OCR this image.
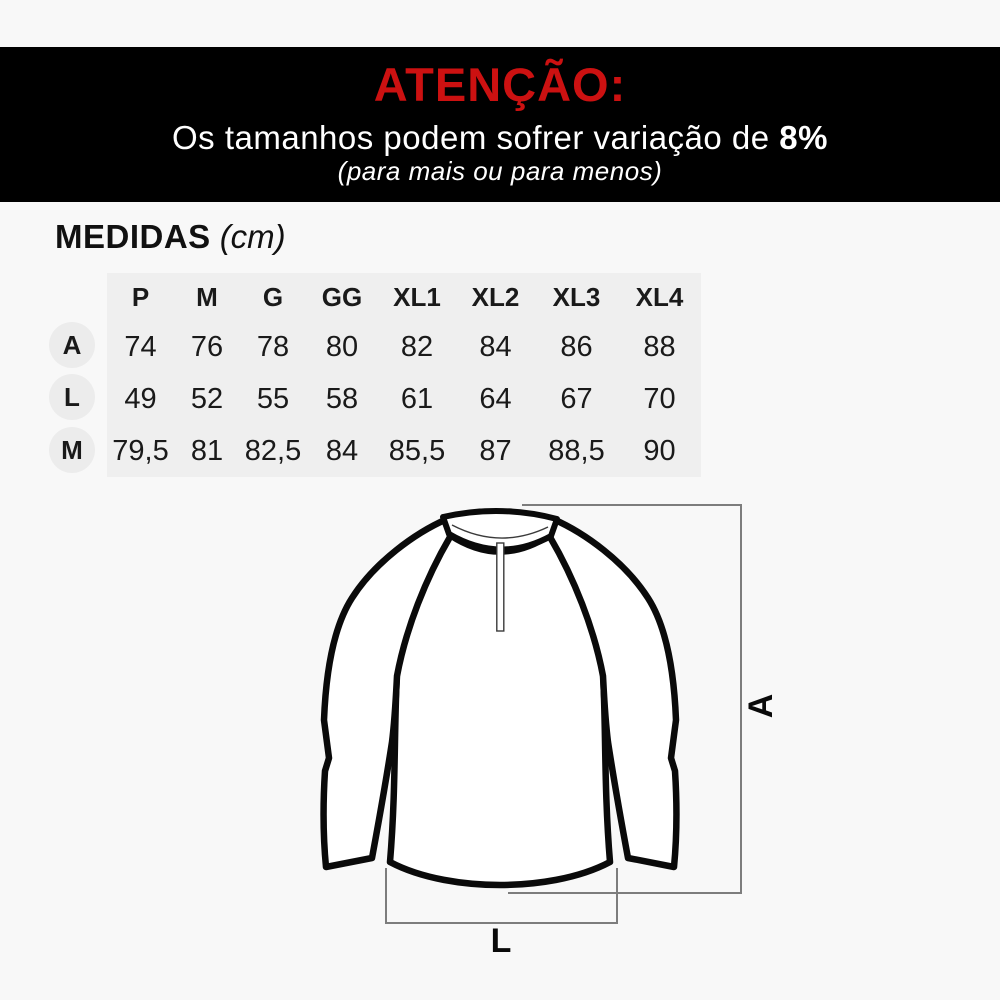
ATENÇÃO:
Os tamanhos podem sofrer variação de 8%
(para mais ou para menos)
MEDIDAS (cm)
A
L
M
P M G GG XL1 XL2 XL3 XL4
74 76 78 80 82 84 86 88
49 52 55 58 61 64 67 70
79,5 81 82,5 84 85,5 87 88,5 90
A
L
